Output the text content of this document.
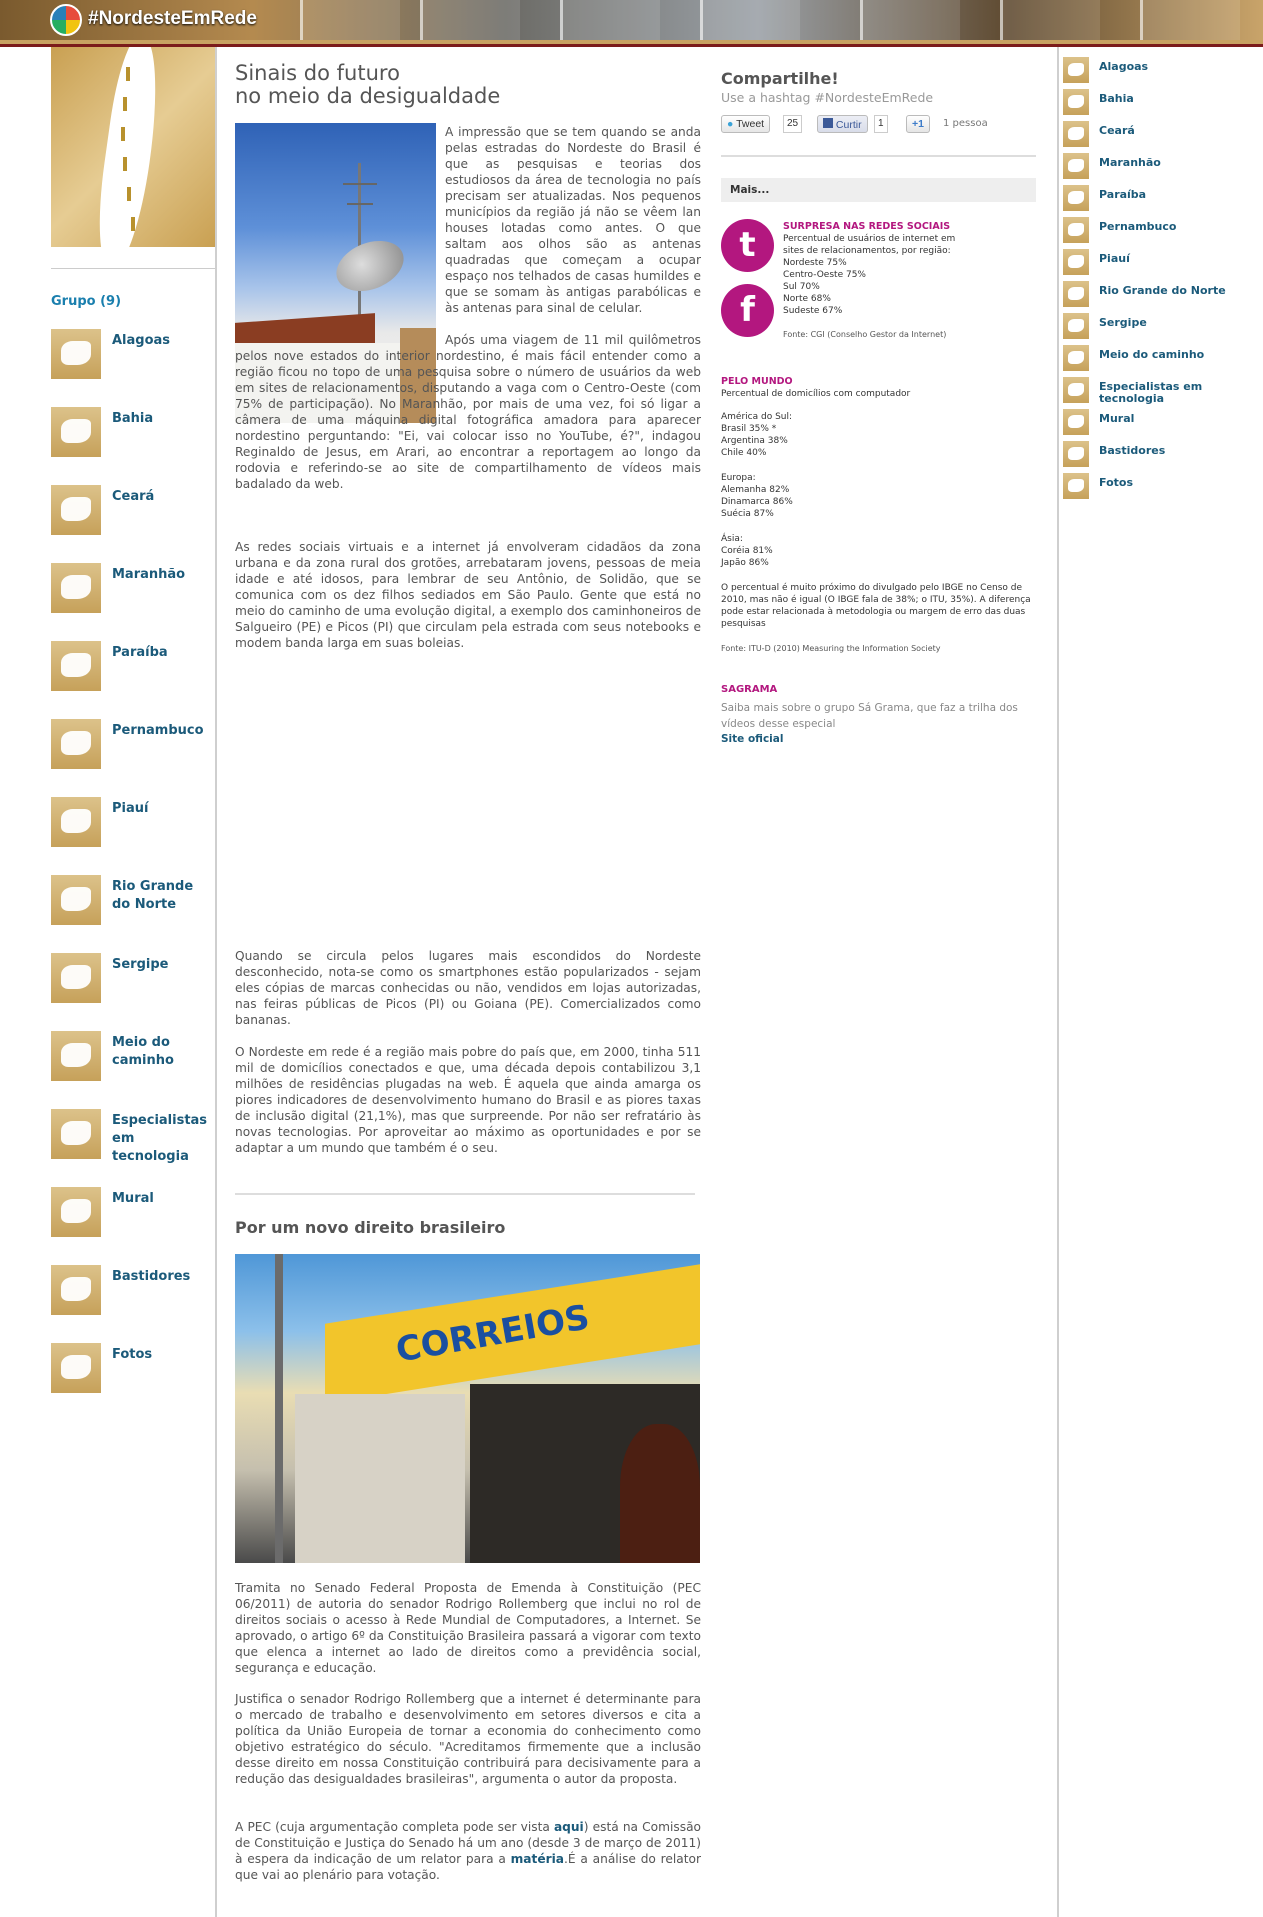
#NordesteEmRede
Grupo (9)
Alagoas
Bahia
Ceará
Maranhão
Paraíba
Pernambuco
Piauí
Rio Grande do Norte
Sergipe
Meio do caminho
Especialistas em tecnologia
Mural
Bastidores
Fotos
Alagoas
Bahia
Ceará
Maranhão
Paraíba
Pernambuco
Piauí
Rio Grande do Norte
Sergipe
Meio do caminho
Especialistas em tecnologia
Mural
Bastidores
Fotos
Sinais do futuro
no meio da desigualdade
A impressão que se tem quando se anda pelas estradas do Nordeste do Brasil é que as pesquisas e teorias dos estudiosos da área de tecnologia no país precisam ser atualizadas. Nos pequenos municípios da região já não se vêem lan houses lotadas como antes. O que saltam aos olhos são as antenas quadradas que começam a ocupar espaço nos telhados de casas humildes e que se somam às antigas parabólicas e às antenas para sinal de celular.
Após uma viagem de 11 mil quilômetros pelos nove estados do interior nordestino, é mais fácil entender como a região ficou no topo de uma pesquisa sobre o número de usuários da web em sites de relacionamentos, disputando a vaga com o Centro-Oeste (com 75% de participação). No Maranhão, por mais de uma vez, foi só ligar a câmera de uma máquina digital fotográfica amadora para aparecer nordestino perguntando: "Ei, vai colocar isso no YouTube, é?", indagou Reginaldo de Jesus, em Arari, ao encontrar a reportagem ao longo da rodovia e referindo-se ao site de compartilhamento de vídeos mais badalado da web.
As redes sociais virtuais e a internet já envolveram cidadãos da zona urbana e da zona rural dos grotões, arrebataram jovens, pessoas de meia idade e até idosos, para lembrar de seu Antônio, de Solidão, que se comunica com os dez filhos sediados em São Paulo. Gente que está no meio do caminho de uma evolução digital, a exemplo dos caminhoneiros de Salgueiro (PE) e Picos (PI) que circulam pela estrada com seus notebooks e modem banda larga em suas boleias.
Quando se circula pelos lugares mais escondidos do Nordeste desconhecido, nota-se como os smartphones estão popularizados - sejam eles cópias de marcas conhecidas ou não, vendidos em lojas autorizadas, nas feiras públicas de Picos (PI) ou Goiana (PE). Comercializados como bananas.
O Nordeste em rede é a região mais pobre do país que, em 2000, tinha 511 mil de domicílios conectados e que, uma década depois contabilizou 3,1 milhões de residências plugadas na web. É aquela que ainda amarga os piores indicadores de desenvolvimento humano do Brasil e as piores taxas de inclusão digital (21,1%), mas que surpreende. Por não ser refratário às novas tecnologias. Por aproveitar ao máximo as oportunidades e por se adaptar a um mundo que também é o seu.
Por um novo direito brasileiro
CORREIOS
Tramita no Senado Federal Proposta de Emenda à Constituição (PEC 06/2011) de autoria do senador Rodrigo Rollemberg que inclui no rol de direitos sociais o acesso à Rede Mundial de Computadores, a Internet. Se aprovado, o artigo 6º da Constituição Brasileira passará a vigorar com texto que elenca a internet ao lado de direitos como a previdência social, segurança e educação.
Justifica o senador Rodrigo Rollemberg que a internet é determinante para o mercado de trabalho e desenvolvimento em setores diversos e cita a política da União Europeia de tornar a economia do conhecimento como objetivo estratégico do século. "Acreditamos firmemente que a inclusão desse direito em nossa Constituição contribuirá para decisivamente para a redução das desigualdades brasileiras", argumenta o autor da proposta.
A PEC (cuja argumentação completa pode ser vista aqui) está na Comissão de Constituição e Justiça do Senado há um ano (desde 3 de março de 2011) à espera da indicação de um relator para a matéria.É a análise do relator que vai ao plenário para votação.
Compartilhe!
Use a hashtag #NordesteEmRede
● Tweet	25	Curtir	1	+1	1 pessoa
Mais...
t
f
SURPRESA NAS REDES SOCIAIS
Percentual de usuários de internet em
sites de relacionamentos, por região:
Nordeste 75%
Centro-Oeste 75%
Sul 70%
Norte 68%
Sudeste 67%
Fonte: CGI (Conselho Gestor da Internet)
PELO MUNDO
Percentual de domicílios com computador
América do Sul:
Brasil 35% *
Argentina 38%
Chile 40%
Europa:
Alemanha 82%
Dinamarca 86%
Suécia 87%
Ásia:
Coréia 81%
Japão 86%
O percentual é muito próximo do divulgado pelo IBGE no Censo de 2010, mas não é igual (O IBGE fala de 38%; o ITU, 35%). A diferença pode estar relacionada à metodologia ou margem de erro das duas pesquisas
Fonte: ITU-D (2010) Measuring the Information Society
SAGRAMA
Saiba mais sobre o grupo Sá Grama, que faz a trilha dos vídeos desse especial
Site oficial
